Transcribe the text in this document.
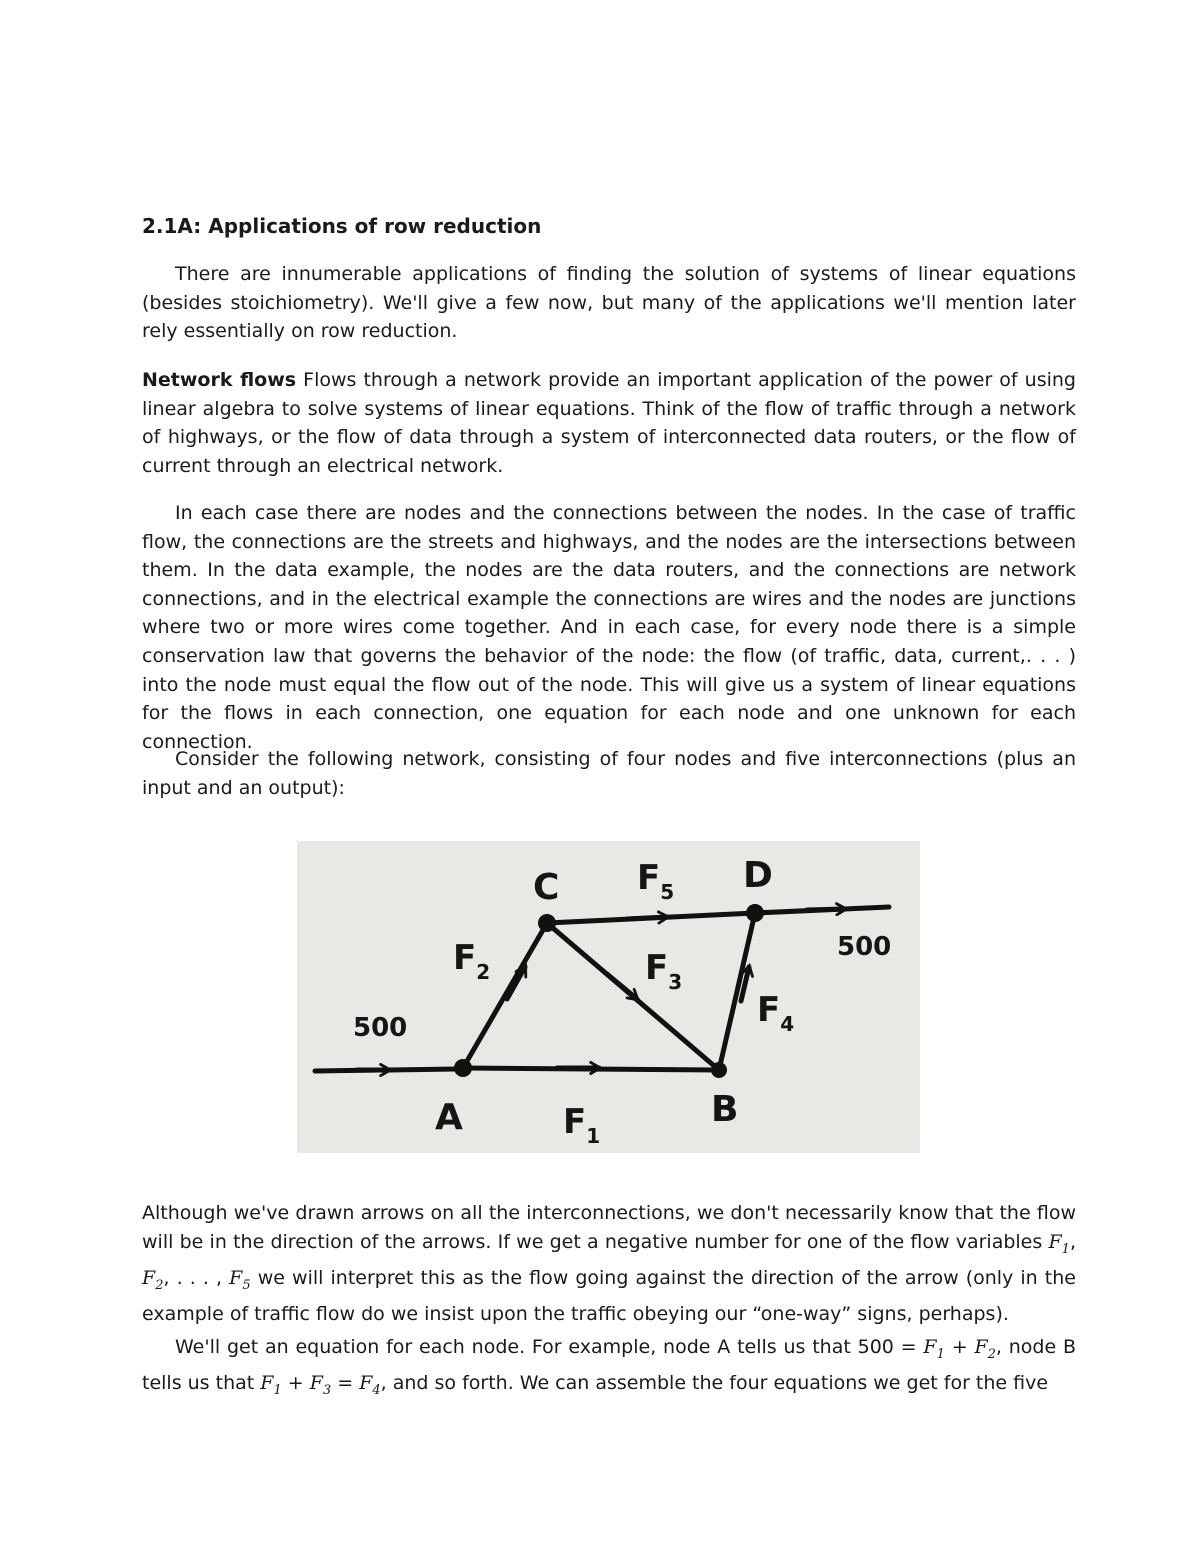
2.1A: Applications of row reduction

There are innumerable applications of finding the solution of systems of linear equations (besides stoichiometry). We'll give a few now, but many of the applications we'll mention later rely essentially on row reduction.

Network flows Flows through a network provide an important application of the power of using linear algebra to solve systems of linear equations. Think of the flow of traffic through a network of highways, or the flow of data through a system of interconnected data routers, or the flow of current through an electrical network.

In each case there are nodes and the connections between the nodes. In the case of traffic flow, the connections are the streets and highways, and the nodes are the intersections between them. In the data example, the nodes are the data routers, and the connections are network connections, and in the electrical example the connections are wires and the nodes are junctions where two or more wires come together. And in each case, for every node there is a simple conservation law that governs the behavior of the node: the flow (of traffic, data, current,. . . ) into the node must equal the flow out of the node. This will give us a system of linear equations for the flows in each connection, one equation for each node and one unknown for each connection.

Consider the following network, consisting of four nodes and five interconnections (plus an input and an output):

Although we've drawn arrows on all the interconnections, we don't necessarily know that the flow will be in the direction of the arrows. If we get a negative number for one of the flow variables $F_1$, $F_2$, . . . , $F_5$ we will interpret this as the flow going against the direction of the arrow (only in the example of traffic flow do we insist upon the traffic obeying our “one-way” signs, perhaps).

We'll get an equation for each node. For example, node A tells us that $500 = F_1 + F_2$, node B tells us that $F_1 + F_3 = F_4$, and so forth. We can assemble the four equations we get for the five

A	B
C	D
500
500
$F_1$
$F_2$	$F_3$
$F_4$
$F_5$
